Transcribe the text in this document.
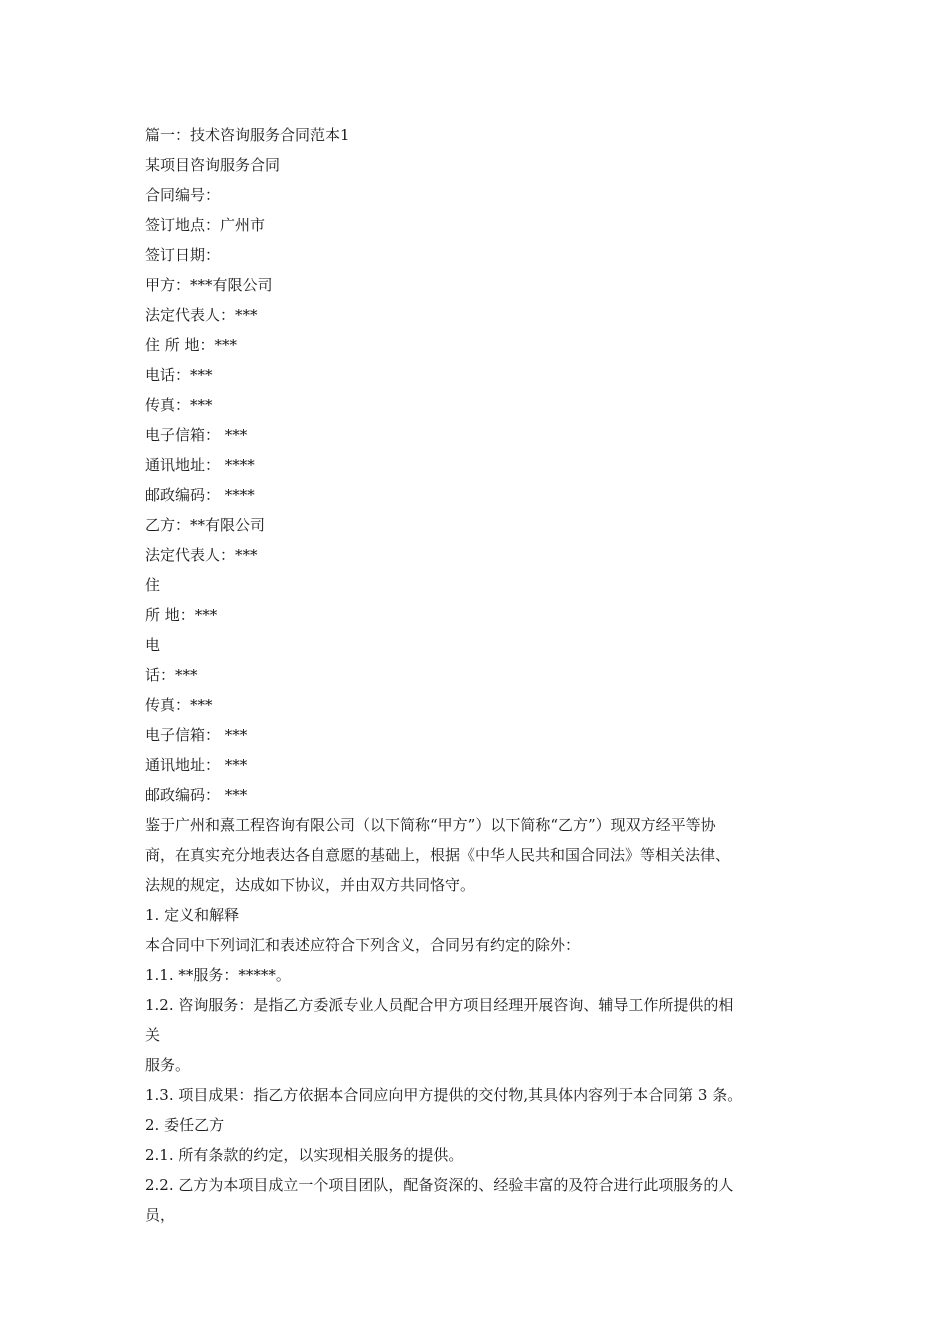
篇一：技术咨询服务合同范本1
某项目咨询服务合同
合同编号：
签订地点：广州市
签订日期：
甲方：***有限公司
法定代表人：***
住 所 地：***
电话：***
传真：***
电子信箱： ***
通讯地址： ****
邮政编码： ****
乙方：**有限公司
法定代表人：***
住
所 地：***
电
话：***
传真：***
电子信箱： ***
通讯地址： ***
邮政编码： ***
鉴于广州和熹工程咨询有限公司（以下简称“甲方”）以下简称“乙方”）现双方经平等协
商，在真实充分地表达各自意愿的基础上，根据《中华人民共和国合同法》等相关法律、
法规的规定，达成如下协议，并由双方共同恪守。
1. 定义和解释
本合同中下列词汇和表述应符合下列含义，合同另有约定的除外：
1.1. **服务：*****。
1.2. 咨询服务：是指乙方委派专业人员配合甲方项目经理开展咨询、辅导工作所提供的相
关
服务。
1.3. 项目成果：指乙方依据本合同应向甲方提供的交付物,其具体内容列于本合同第 3 条。
2. 委任乙方
2.1. 所有条款的约定，以实现相关服务的提供。
2.2. 乙方为本项目成立一个项目团队，配备资深的、经验丰富的及符合进行此项服务的人
员，
